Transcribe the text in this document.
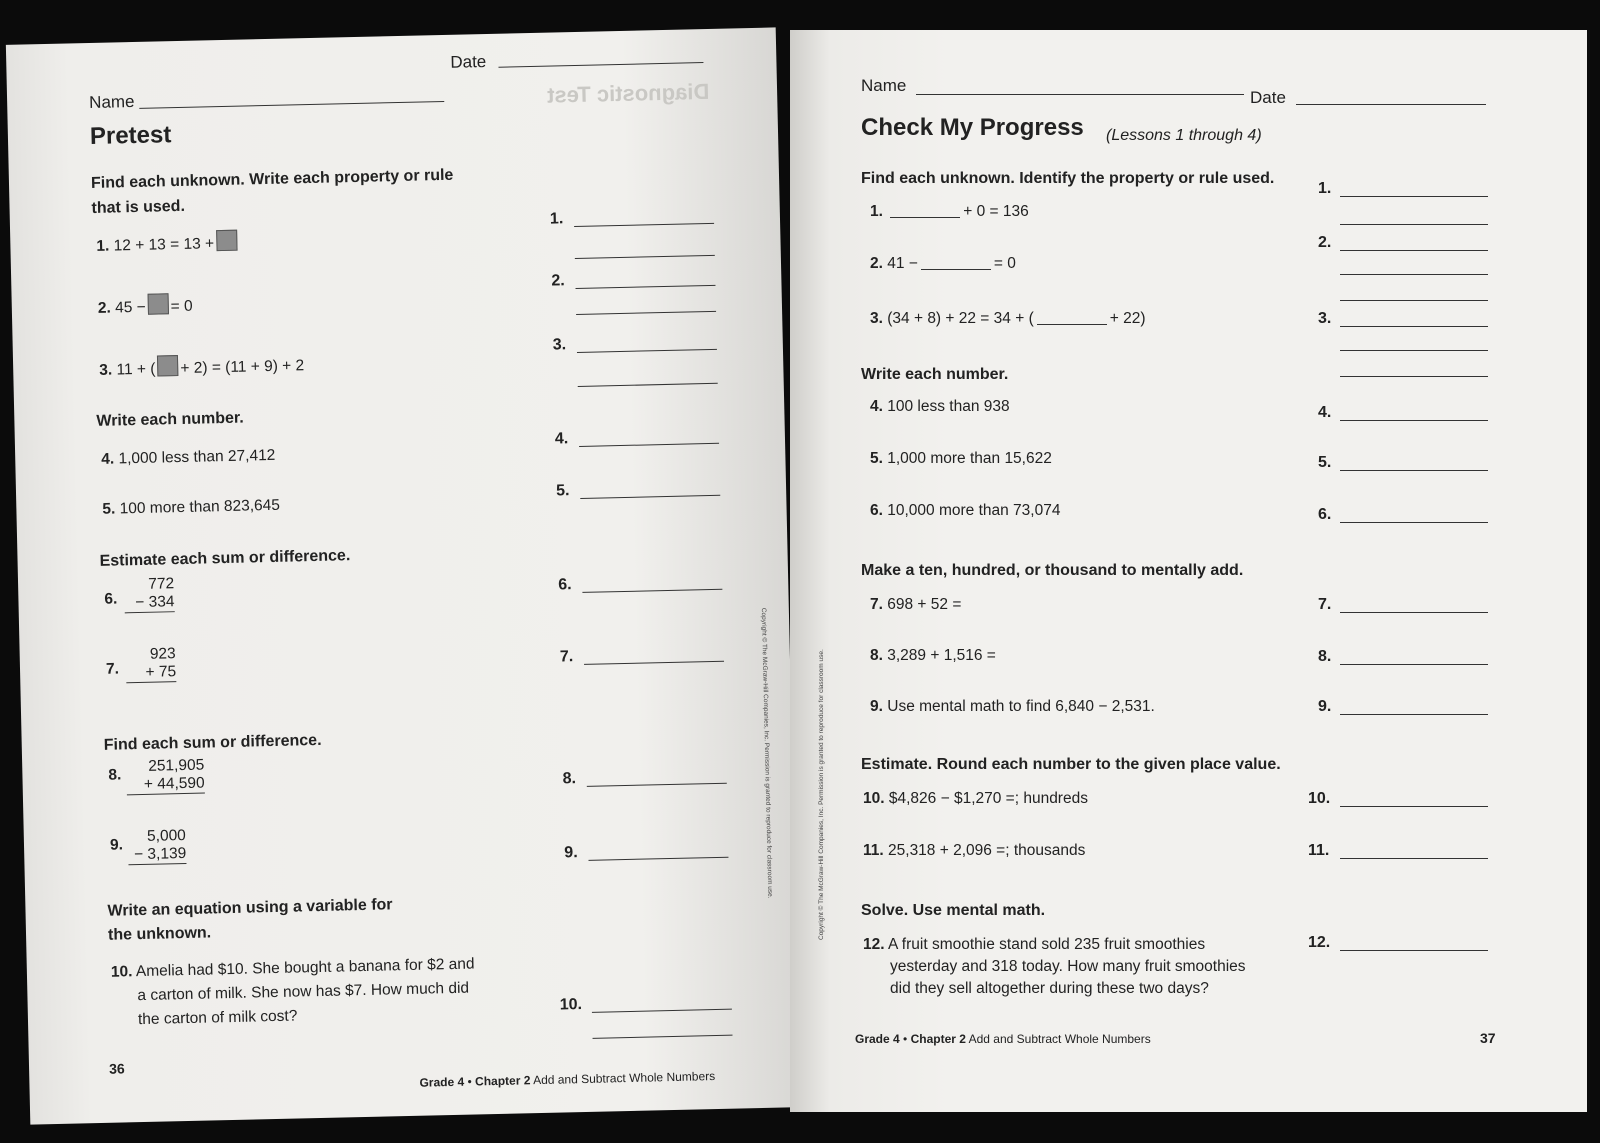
Diagnostic Test
Name
Date
Pretest
Find each unknown. Write each property or rule
that is used.
1. 12 + 13 = 13 +
2. 45 − = 0
3. 11 + ( + 2) = (11 + 9) + 2
Write each number.
4. 1,000 less than 27,412
5. 100 more than 823,645
Estimate each sum or difference.
6.
772
− 334
7.
923
+ 75
Find each sum or difference.
8.
251,905
+ 44,590
9.
5,000
− 3,139
Write an equation using a variable for
the unknown.
10. Amelia had $10. She bought a banana for $2 and
a carton of milk. She now has $7. How much did
the carton of milk cost?
1.
2.
3.
4.
5.
6.
7.
8.
9.
10.
36
Grade 4 • Chapter 2 Add and Subtract Whole Numbers
Copyright © The McGraw-Hill Companies, Inc. Permission is granted to reproduce for classroom use.
Name
Date
Check My Progress (Lessons 1 through 4)
Find each unknown. Identify the property or rule used.
1.	+ 0 = 136
2. 41 −	= 0
3. (34 + 8) + 22 = 34 + (	+ 22)
Write each number.
4. 100 less than 938
5. 1,000 more than 15,622
6. 10,000 more than 73,074
Make a ten, hundred, or thousand to mentally add.
7. 698 + 52 =
8. 3,289 + 1,516 =
9. Use mental math to find 6,840 − 2,531.
Estimate. Round each number to the given place value.
10. $4,826 − $1,270 =; hundreds
11. 25,318 + 2,096 =; thousands
Solve. Use mental math.
12. A fruit smoothie stand sold 235 fruit smoothies
yesterday and 318 today. How many fruit smoothies
did they sell altogether during these two days?
1.
2.
3.
4.
5.
6.
7.
8.
9.
10.
11.
12.
Grade 4 • Chapter 2 Add and Subtract Whole Numbers	37
Copyright © The McGraw-Hill Companies, Inc. Permission is granted to reproduce for classroom use.
